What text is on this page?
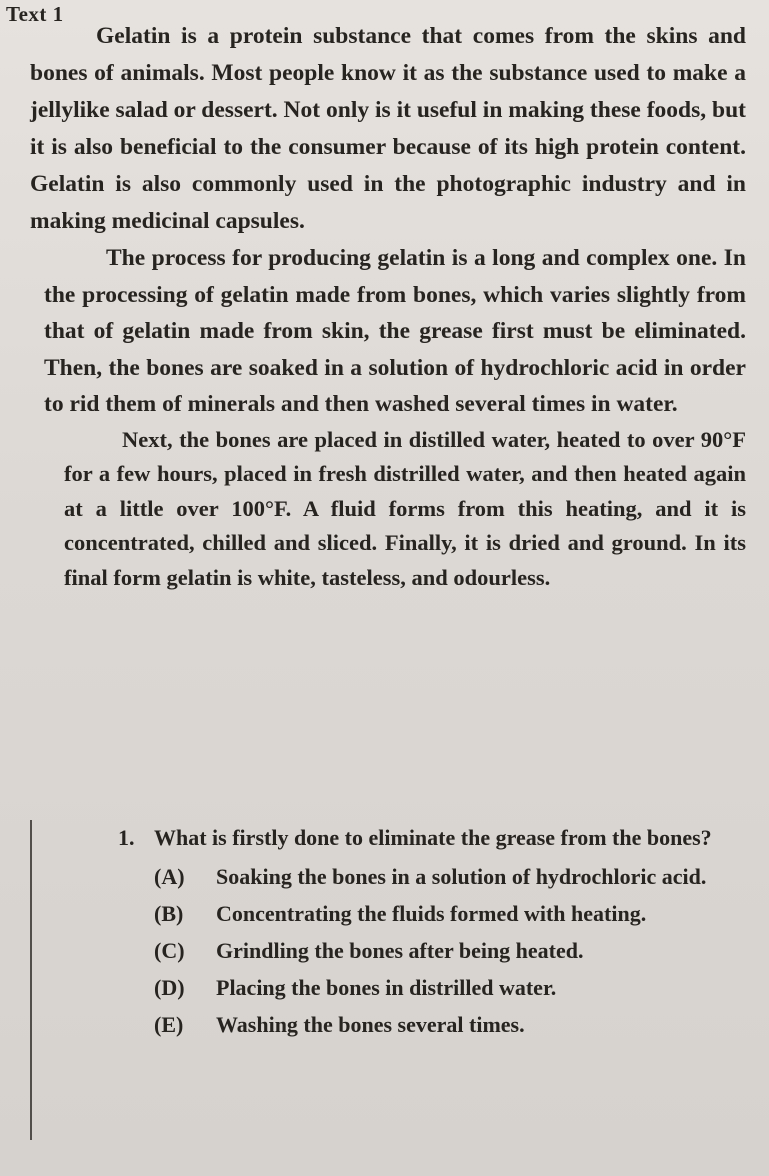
Text 1

Gelatin is a protein substance that comes from the skins and bones of animals. Most people know it as the substance used to make a jellylike salad or dessert. Not only is it useful in making these foods, but it is also beneficial to the consumer because of its high protein content. Gelatin is also commonly used in the photographic industry and in making medicinal capsules.

The process for producing gelatin is a long and complex one. In the processing of gelatin made from bones, which varies slightly from that of gelatin made from skin, the grease first must be eliminated. Then, the bones are soaked in a solution of hydrochloric acid in order to rid them of minerals and then washed several times in water.

Next, the bones are placed in distilled water, heated to over 90°F for a few hours, placed in fresh distrilled water, and then heated again at a little over 100°F. A fluid forms from this heating, and it is concentrated, chilled and sliced. Finally, it is dried and ground. In its final form gelatin is white, tasteless, and odourless.

1. What is firstly done to eliminate the grease from the bones?
(A)	Soaking the bones in a solution of hydrochloric acid.
(B)	Concentrating the fluids formed with heating.
(C)	Grindling the bones after being heated.
(D)	Placing the bones in distrilled water.
(E)	Washing the bones several times.
